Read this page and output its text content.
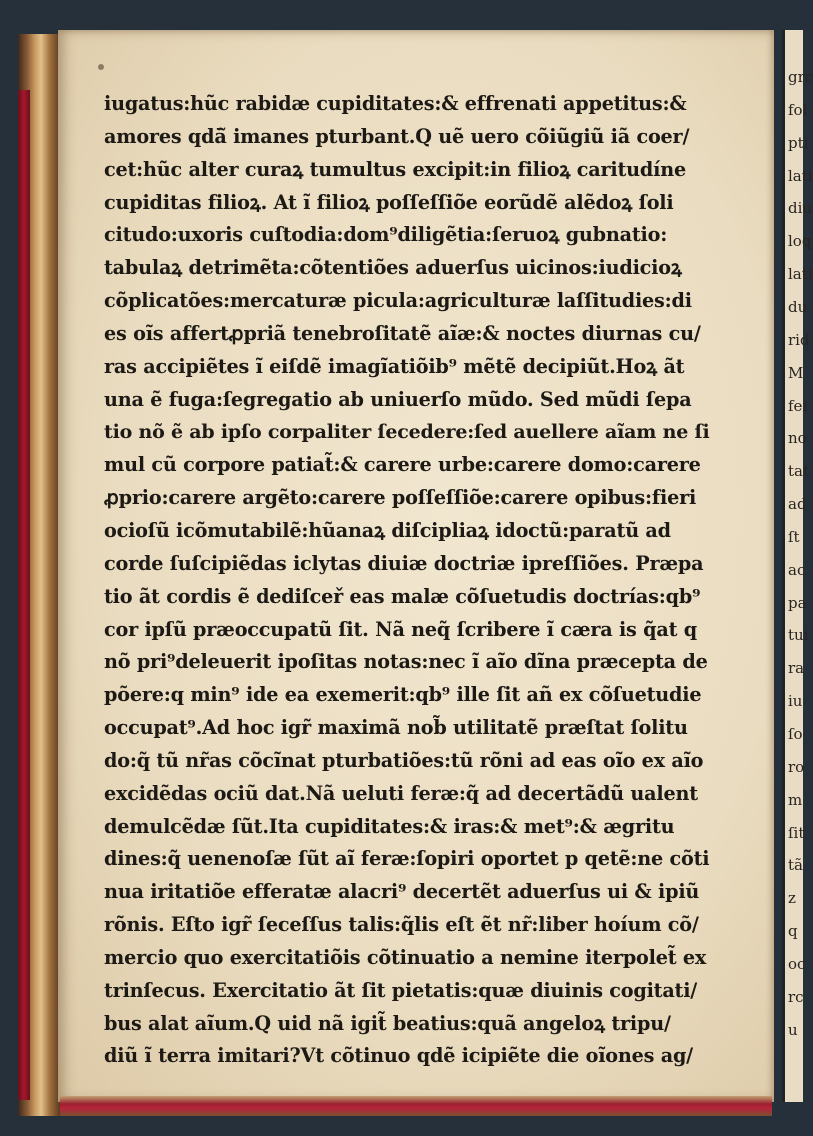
iugatus:hũc rabidæ cupiditates:& effrenati appetitus:&
amores qdā̃ imanes pturbant.Q uẽ uero cõiũgiũ iã coer/
cet:hũc alter curaꝝ tumultus excipit:in filioꝝ caritudíne
cupiditas filioꝝ. At ĩ filioꝝ poſſeſſiõe eorũdẽ alẽdoꝝ ſoli
citudo:uxoris cuſtodia:dom⁹diligẽtia:ſeruoꝝ gubnatio:
tabulaꝝ detrimẽta:cõtentiões aduerſus uicinos:iudicioꝝ
cõplicatões:mercaturæ picula:agriculturæ laſſitudies:di
es oĩs affertꝓpriã tenebroſitatẽ aĩæ:& noctes diurnas cu/
ras accipiẽtes ĩ eiſdẽ imagĩatiõib⁹ mẽtẽ decipiũt.Hoꝝ ãt
una ẽ fuga:ſegregatio ab uniuerſo mũdo. Sed mũdi ſepa
tio nõ ẽ ab ipſo corpaliter ſecedere:ſed auellere aĩam ne ſi
mul cũ corpore patiat̃:& carere urbe:carere domo:carere
ꝓprio:carere argẽto:carere poſſeſſiõe:carere opibus:fieri
ocioſũ icõmutabilẽ:hũanaꝝ diſcipliaꝝ idoctũ:paratũ ad
corde ſuſcipiẽdas iclytas diuiæ doctriæ ipreſſiões. Præpa
tio ãt cordis ẽ dediſceř eas malæ cõſuetudis doctrías:qb⁹
cor ipſũ præoccupatũ ſit. Nã neq̃ ſcribere ĩ cæra is q̃at q
nõ pri⁹deleuerit ipoſitas notas:nec ĩ aĩo dĩna præcepta de
põere:q min⁹ ide ea exemerit:qb⁹ ille ſit añ ex cõſuetudie
occupat⁹.Ad hoc igr̃ maximã nob̃ utilitatẽ præſtat ſolitu
do:q̃ tũ nr̃as cõcĩnat pturbatiões:tũ rõni ad eas oĩo ex aĩo
excidẽdas ociũ dat.Nã ueluti feræ:q̃ ad decertãdũ ualent
demulcẽdæ ſũt.Ita cupiditates:& iras:& met⁹:& ægritu
dines:q̃ uenenoſæ ſũt aĩ feræ:ſopiri oportet p qetẽ:ne cõti
nua iritatiõe efferatæ alacri⁹ decertẽt aduerſus ui & ipiũ
rõnis. Eſto igr̃ ſeceſſus talis:q̃lis eſt ẽt nr̃:liber hoíum cõ/
mercio quo exercitatiõis cõtinuatio a nemine iterpolet̃ ex
trinſecus. Exercitatio ãt ſit pietatis:quæ diuinis cogitati/
bus alat aĩum.Q uid nã igit̃ beatius:quã angeloꝝ tripu/
diũ ĩ terra imitari?Vt cõtinuo qdẽ icipiẽte die oĩones ag/
grc
fol
pti
lati
diu
loq
lati
du
rid
M
fei
no
tat
ad
ſt
ac
pa
tui
ra
iu
ſo
ro
m
ſit
tã
z
q
oc
rc
u
